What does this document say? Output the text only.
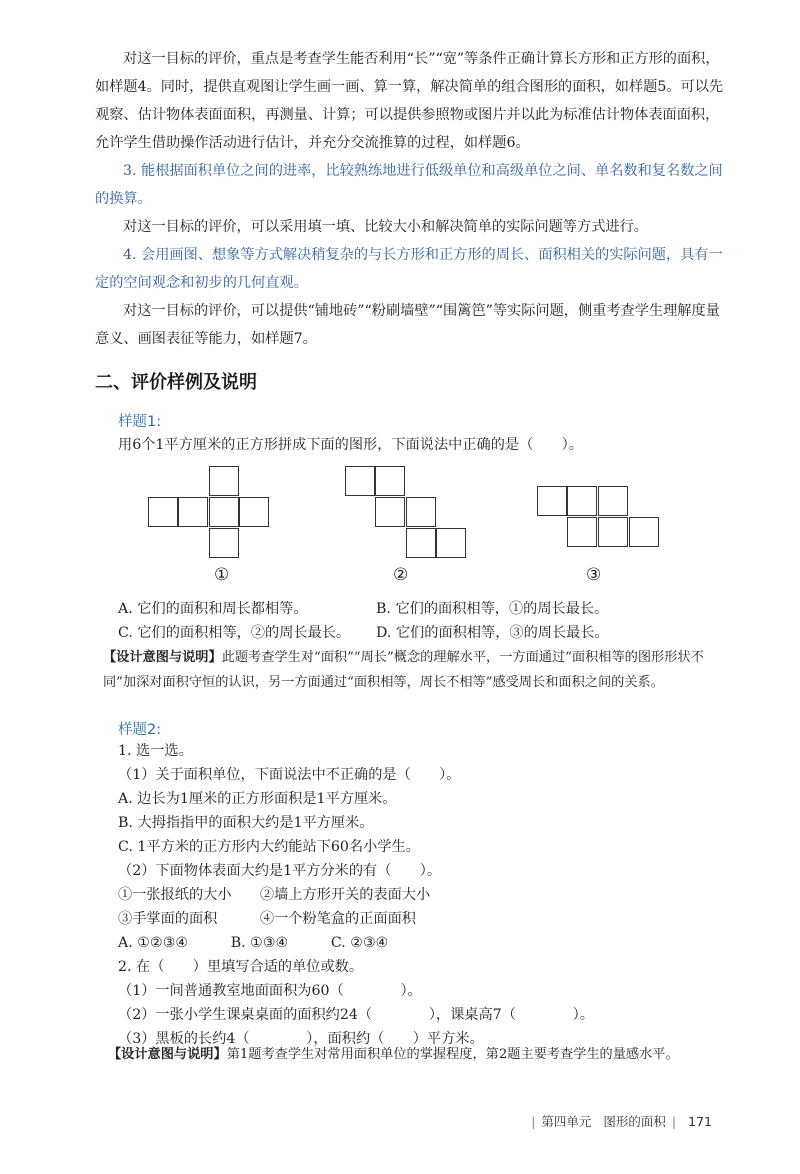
对这一目标的评价，重点是考查学生能否利用“长”“宽”等条件正确计算长方形和正方形的面积，如样题4。同时，提供直观图让学生画一画、算一算，解决简单的组合图形的面积，如样题5。可以先观察、估计物体表面面积，再测量、计算；可以提供参照物或图片并以此为标准估计物体表面面积，允许学生借助操作活动进行估计，并充分交流推算的过程，如样题6。

3. 能根据面积单位之间的进率，比较熟练地进行低级单位和高级单位之间、单名数和复名数之间的换算。

对这一目标的评价，可以采用填一填、比较大小和解决简单的实际问题等方式进行。

4. 会用画图、想象等方式解决稍复杂的与长方形和正方形的周长、面积相关的实际问题，具有一定的空间观念和初步的几何直观。

对这一目标的评价，可以提供“铺地砖”“粉刷墙壁”“围篱笆”等实际问题，侧重考查学生理解度量意义、画图表征等能力，如样题7。

二、评价样例及说明
样题1:
用6个1平方厘米的正方形拼成下面的图形，下面说法中正确的是（　　）。
①	②	③
A. 它们的面积和周长都相等。	B. 它们的面积相等，①的周长最长。
C. 它们的面积相等，②的周长最长。 D. 它们的面积相等，③的周长最长。

【设计意图与说明】此题考查学生对“面积”“周长”概念的理解水平，一方面通过“面积相等的图形形状不同”加深对面积守恒的认识，另一方面通过“面积相等，周长不相等”感受周长和面积之间的关系。

样题2:
1. 选一选。
（1）关于面积单位，下面说法中不正确的是（　　）。
A. 边长为1厘米的正方形面积是1平方厘米。
B. 大拇指指甲的面积大约是1平方厘米。
C. 1平方米的正方形内大约能站下60名小学生。
（2）下面物体表面大约是1平方分米的有（　　）。
①一张报纸的大小　　②墙上方形开关的表面大小
③手掌面的面积　　　④一个粉笔盒的正面面积
A. ①②③④　　　B. ①③④　　　C. ②③④
2. 在（　　）里填写合适的单位或数。
（1）一间普通教室地面面积为60（　　　　）。
（2）一张小学生课桌桌面的面积约24（　　　　），课桌高7（　　　　）。
（3）黑板的长约4（　　　　），面积约（　　）平方米。

【设计意图与说明】第1题考查学生对常用面积单位的掌握程度，第2题主要考查学生的量感水平。

| 第四单元 图形的面积 | 171
